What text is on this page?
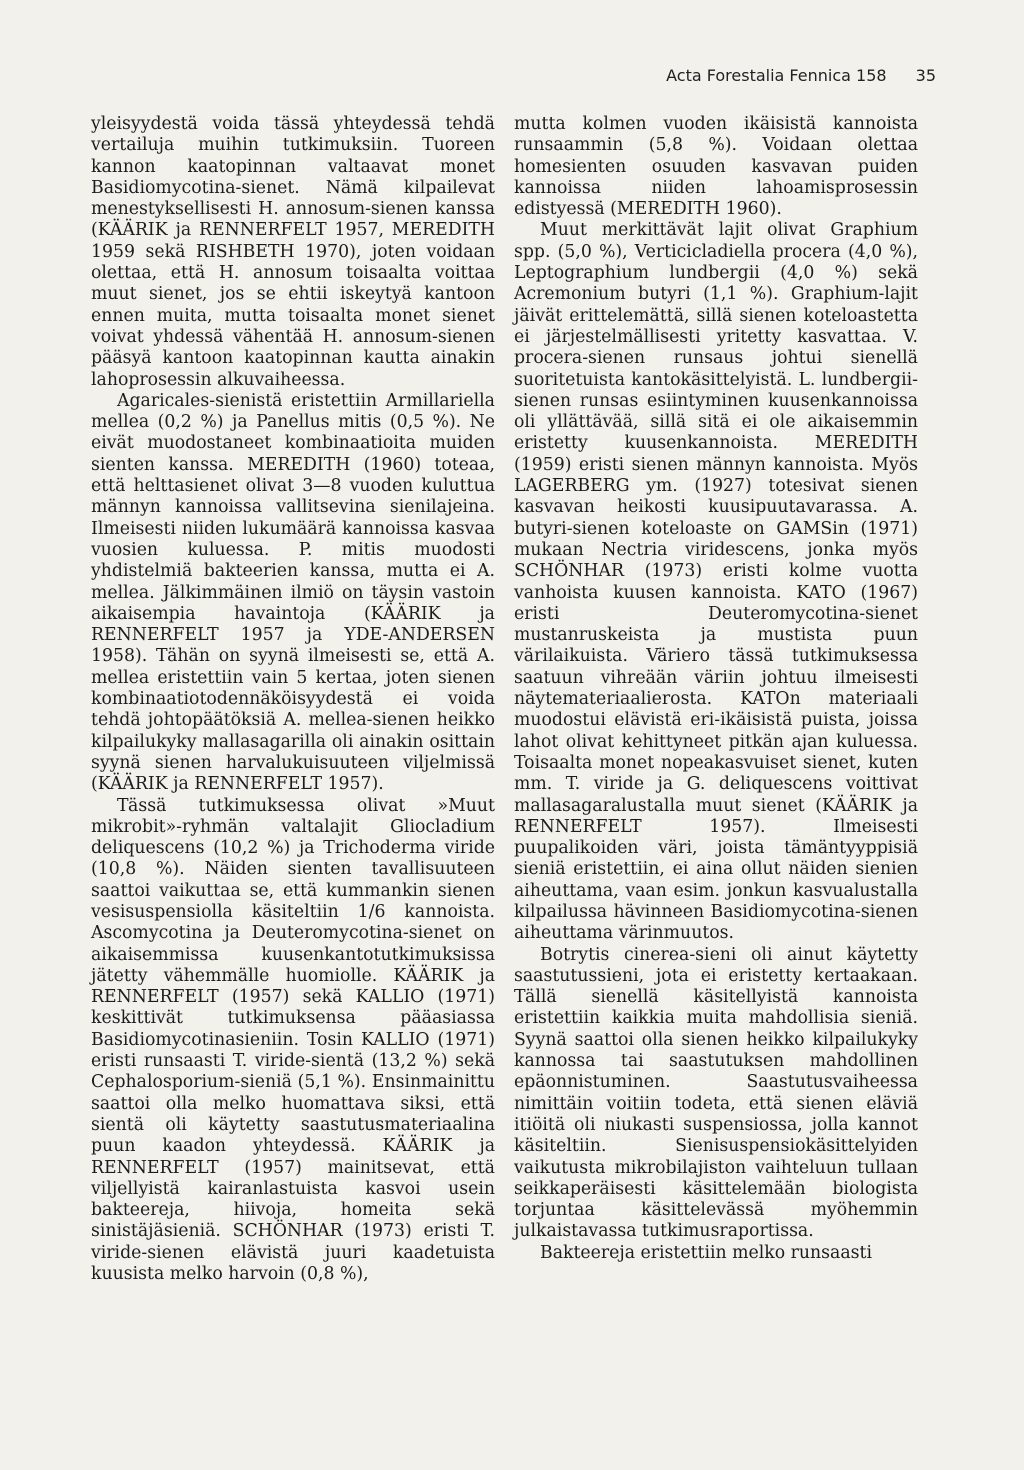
Acta Forestalia Fennica 158 35

yleisyydestä voida tässä yhteydessä tehdä vertailuja muihin tutkimuksiin. Tuoreen kannon kaatopinnan valtaavat monet Basidiomycotina-sienet. Nämä kilpailevat menestyksellisesti H. annosum-sienen kanssa (KÄÄRIK ja RENNERFELT 1957, MEREDITH 1959 sekä RISHBETH 1970), joten voidaan olettaa, että H. annosum toisaalta voittaa muut sienet, jos se ehtii iskeytyä kantoon ennen muita, mutta toisaalta monet sienet voivat yhdessä vähentää H. annosum-sienen pääsyä kantoon kaatopinnan kautta ainakin lahoprosessin alkuvaiheessa.

Agaricales-sienistä eristettiin Armillariella mellea (0,2 %) ja Panellus mitis (0,5 %). Ne eivät muodostaneet kombinaatioita muiden sienten kanssa. MEREDITH (1960) toteaa, että helttasienet olivat 3—8 vuoden kuluttua männyn kannoissa vallitsevina sienilajeina. Ilmeisesti niiden lukumäärä kannoissa kasvaa vuosien kuluessa. P. mitis muodosti yhdistelmiä bakteerien kanssa, mutta ei A. mellea. Jälkimmäinen ilmiö on täysin vastoin aikaisempia havaintoja (KÄÄRIK ja RENNERFELT 1957 ja YDE-ANDERSEN 1958). Tähän on syynä ilmeisesti se, että A. mellea eristettiin vain 5 kertaa, joten sienen kombinaatiotodennäköisyydestä ei voida tehdä johtopäätöksiä A. mellea-sienen heikko kilpailukyky mallasagarilla oli ainakin osittain syynä sienen harvalukuisuuteen viljelmissä (KÄÄRIK ja RENNERFELT 1957).

Tässä tutkimuksessa olivat »Muut mikrobit»-ryhmän valtalajit Gliocladium deliquescens (10,2 %) ja Trichoderma viride (10,8 %). Näiden sienten tavallisuuteen saattoi vaikuttaa se, että kummankin sienen vesisuspensiolla käsiteltiin 1/6 kannoista. Ascomycotina ja Deuteromycotina-sienet on aikaisemmissa kuusenkantotutkimuksissa jätetty vähemmälle huomiolle. KÄÄRIK ja RENNERFELT (1957) sekä KALLIO (1971) keskittivät tutkimuksensa pääasiassa Basidiomycotinasieniin. Tosin KALLIO (1971) eristi runsaasti T. viride-sientä (13,2 %) sekä Cephalosporium-sieniä (5,1 %). Ensinmainittu saattoi olla melko huomattava siksi, että sientä oli käytetty saastutusmateriaalina puun kaadon yhteydessä. KÄÄRIK ja RENNERFELT (1957) mainitsevat, että viljellyistä kairanlastuista kasvoi usein bakteereja, hiivoja, homeita sekä sinistäjäsieniä. SCHÖNHAR (1973) eristi T. viride-sienen elävistä juuri kaadetuista kuusista melko harvoin (0,8 %),

mutta kolmen vuoden ikäisistä kannoista runsaammin (5,8 %). Voidaan olettaa homesienten osuuden kasvavan puiden kannoissa niiden lahoamisprosessin edistyessä (MEREDITH 1960).

Muut merkittävät lajit olivat Graphium spp. (5,0 %), Verticicladiella procera (4,0 %), Leptographium lundbergii (4,0 %) sekä Acremonium butyri (1,1 %). Graphium-lajit jäivät erittelemättä, sillä sienen koteloastetta ei järjestelmällisesti yritetty kasvattaa. V. procera-sienen runsaus johtui sienellä suoritetuista kantokäsittelyistä. L. lundbergii-sienen runsas esiintyminen kuusenkannoissa oli yllättävää, sillä sitä ei ole aikaisemmin eristetty kuusenkannoista. MEREDITH (1959) eristi sienen männyn kannoista. Myös LAGERBERG ym. (1927) totesivat sienen kasvavan heikosti kuusipuutavarassa. A. butyri-sienen koteloaste on GAMSin (1971) mukaan Nectria viridescens, jonka myös SCHÖNHAR (1973) eristi kolme vuotta vanhoista kuusen kannoista. KATO (1967) eristi Deuteromycotina-sienet mustanruskeista ja mustista puun värilaikuista. Väriero tässä tutkimuksessa saatuun vihreään väriin johtuu ilmeisesti näytemateriaalierosta. KATOn materiaali muodostui elävistä eri-ikäisistä puista, joissa lahot olivat kehittyneet pitkän ajan kuluessa. Toisaalta monet nopeakasvuiset sienet, kuten mm. T. viride ja G. deliquescens voittivat mallasagaralustalla muut sienet (KÄÄRIK ja RENNERFELT 1957). Ilmeisesti puupalikoiden väri, joista tämäntyyppisiä sieniä eristettiin, ei aina ollut näiden sienien aiheuttama, vaan esim. jonkun kasvualustalla kilpailussa hävinneen Basidiomycotina-sienen aiheuttama värinmuutos.

Botrytis cinerea-sieni oli ainut käytetty saastutussieni, jota ei eristetty kertaakaan. Tällä sienellä käsitellyistä kannoista eristettiin kaikkia muita mahdollisia sieniä. Syynä saattoi olla sienen heikko kilpailukyky kannossa tai saastutuksen mahdollinen epäonnistuminen. Saastutusvaiheessa nimittäin voitiin todeta, että sienen eläviä itiöitä oli niukasti suspensiossa, jolla kannot käsiteltiin. Sienisuspensiokäsittelyiden vaikutusta mikrobilajiston vaihteluun tullaan seikkaperäisesti käsittelemään biologista torjuntaa käsittelevässä myöhemmin julkaistavassa tutkimusraportissa.

Bakteereja eristettiin melko runsaasti
